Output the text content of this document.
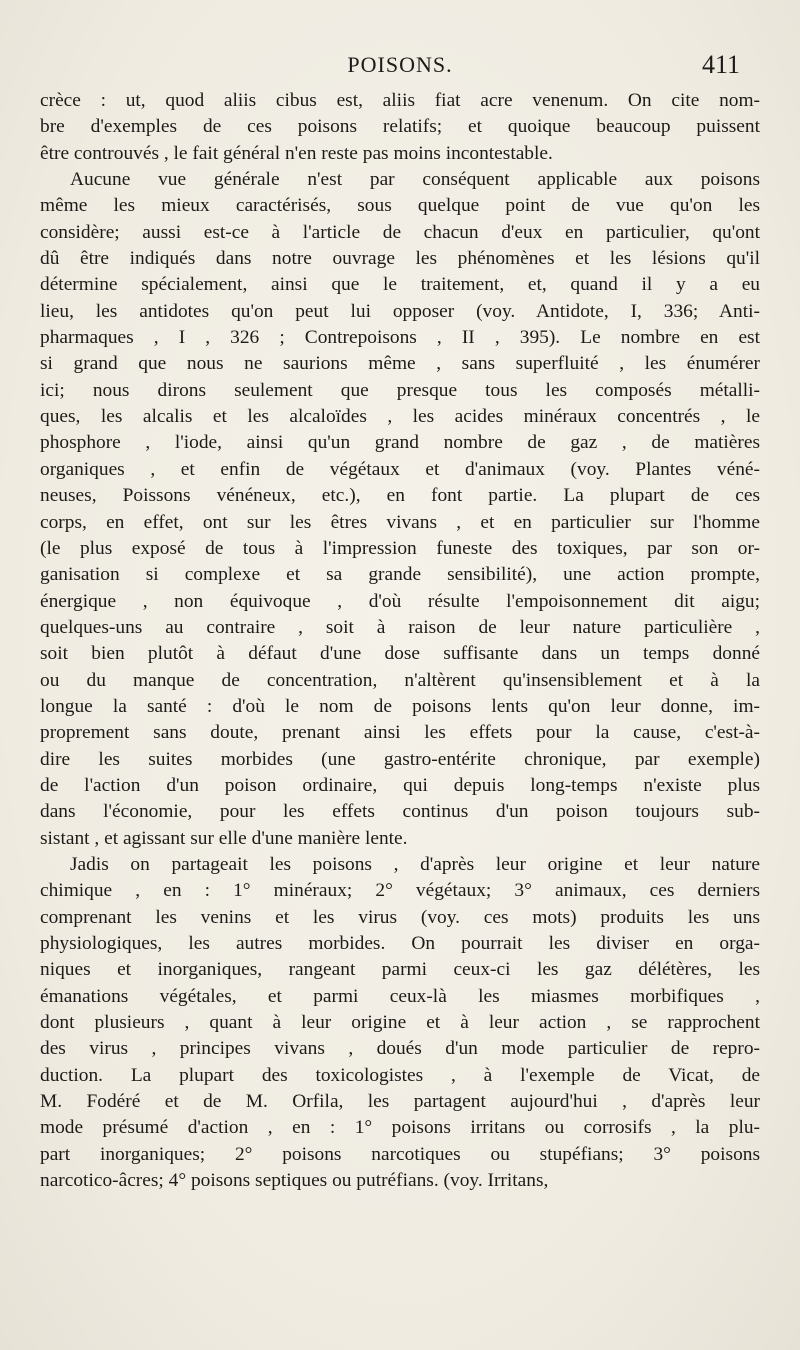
POISONS.	411
crèce : ut, quod aliis cibus est, aliis fiat acre venenum. On cite nom-
bre d'exemples de ces poisons relatifs; et quoique beaucoup puissent
être controuvés , le fait général n'en reste pas moins incontestable.
Aucune vue générale n'est par conséquent applicable aux poisons
même les mieux caractérisés, sous quelque point de vue qu'on les
considère; aussi est-ce à l'article de chacun d'eux en particulier, qu'ont
dû être indiqués dans notre ouvrage les phénomènes et les lésions qu'il
détermine spécialement, ainsi que le traitement, et, quand il y a eu
lieu, les antidotes qu'on peut lui opposer (voy. Antidote, I, 336; Anti-
pharmaques , I , 326 ; Contrepoisons , II , 395). Le nombre en est
si grand que nous ne saurions même , sans superfluité , les énumérer
ici; nous dirons seulement que presque tous les composés métalli-
ques, les alcalis et les alcaloïdes , les acides minéraux concentrés , le
phosphore , l'iode, ainsi qu'un grand nombre de gaz , de matières
organiques , et enfin de végétaux et d'animaux (voy. Plantes véné-
neuses, Poissons vénéneux, etc.), en font partie. La plupart de ces
corps, en effet, ont sur les êtres vivans , et en particulier sur l'homme
(le plus exposé de tous à l'impression funeste des toxiques, par son or-
ganisation si complexe et sa grande sensibilité), une action prompte,
énergique , non équivoque , d'où résulte l'empoisonnement dit aigu;
quelques-uns au contraire , soit à raison de leur nature particulière ,
soit bien plutôt à défaut d'une dose suffisante dans un temps donné
ou du manque de concentration, n'altèrent qu'insensiblement et à la
longue la santé : d'où le nom de poisons lents qu'on leur donne, im-
proprement sans doute, prenant ainsi les effets pour la cause, c'est-à-
dire les suites morbides (une gastro-entérite chronique, par exemple)
de l'action d'un poison ordinaire, qui depuis long-temps n'existe plus
dans l'économie, pour les effets continus d'un poison toujours sub-
sistant , et agissant sur elle d'une manière lente.
Jadis on partageait les poisons , d'après leur origine et leur nature
chimique , en : 1° minéraux; 2° végétaux; 3° animaux, ces derniers
comprenant les venins et les virus (voy. ces mots) produits les uns
physiologiques, les autres morbides. On pourrait les diviser en orga-
niques et inorganiques, rangeant parmi ceux-ci les gaz délétères, les
émanations végétales, et parmi ceux-là les miasmes morbifiques ,
dont plusieurs , quant à leur origine et à leur action , se rapprochent
des virus , principes vivans , doués d'un mode particulier de repro-
duction. La plupart des toxicologistes , à l'exemple de Vicat, de
M. Fodéré et de M. Orfila, les partagent aujourd'hui , d'après leur
mode présumé d'action , en : 1° poisons irritans ou corrosifs , la plu-
part inorganiques; 2° poisons narcotiques ou stupéfians; 3° poisons
narcotico-âcres; 4° poisons septiques ou putréfians. (voy. Irritans,
